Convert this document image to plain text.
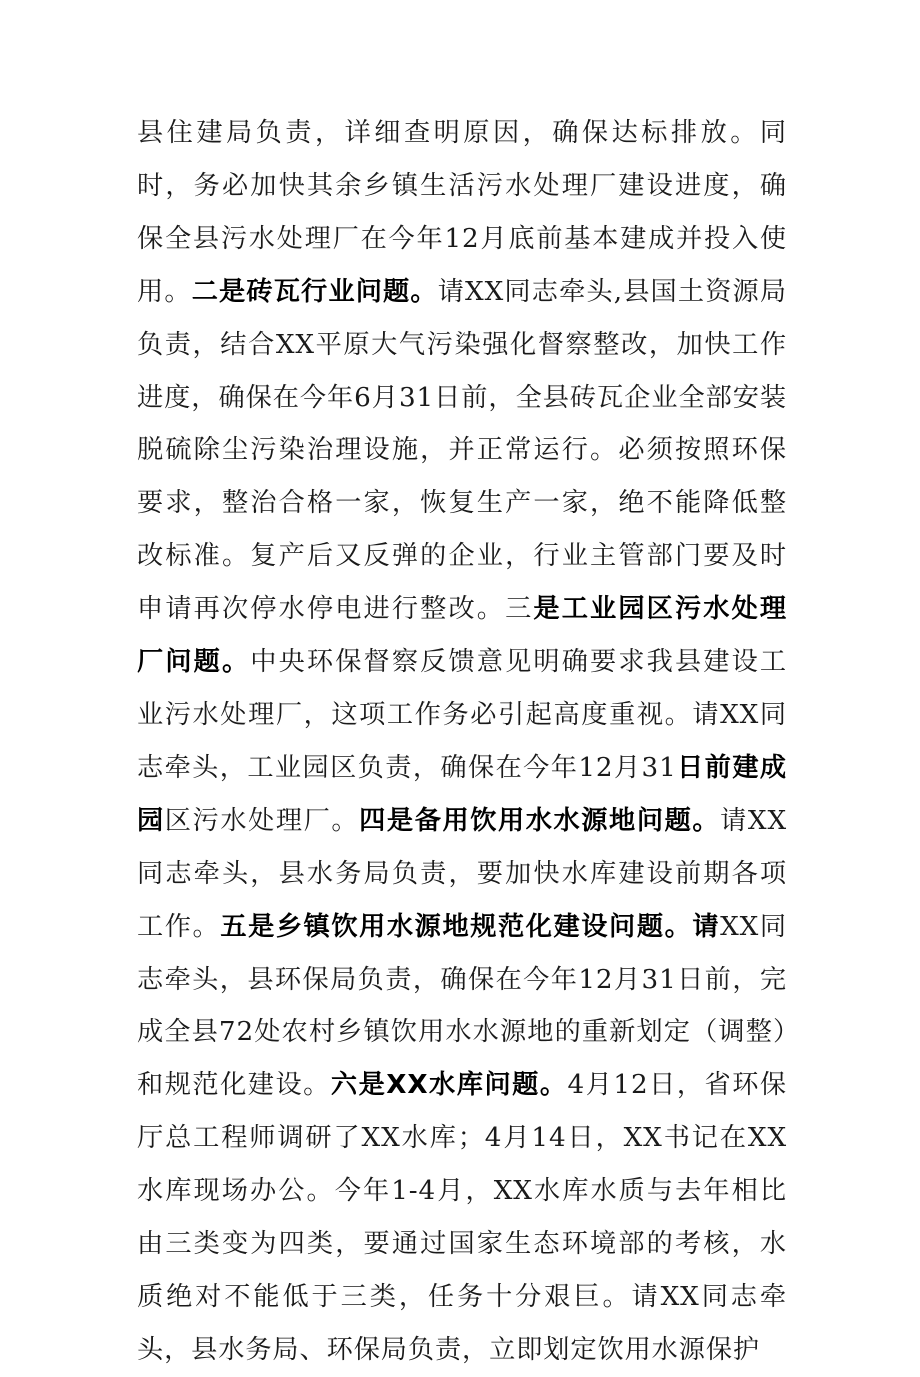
县住建局负责，详细查明原因，确保达标排放。同时，务必加快其余乡镇生活污水处理厂建设进度，确保全县污水处理厂在今年12月底前基本建成并投入使用。二是砖瓦行业问题。请XX同志牵头,县国土资源局负责，结合XX平原大气污染强化督察整改，加快工作进度，确保在今年6月31日前，全县砖瓦企业全部安装脱硫除尘污染治理设施，并正常运行。必须按照环保要求，整治合格一家，恢复生产一家，绝不能降低整改标准。复产后又反弹的企业，行业主管部门要及时申请再次停水停电进行整改。三是工业园区污水处理厂问题。中央环保督察反馈意见明确要求我县建设工业污水处理厂，这项工作务必引起高度重视。请XX同志牵头，工业园区负责，确保在今年12月31日前建成园区污水处理厂。四是备用饮用水水源地问题。请XX同志牵头，县水务局负责，要加快水库建设前期各项工作。五是乡镇饮用水源地规范化建设问题。请XX同志牵头，县环保局负责，确保在今年12月31日前，完成全县72处农村乡镇饮用水水源地的重新划定（调整）和规范化建设。六是XX水库问题。4月12日，省环保厅总工程师调研了XX水库；4月14日，XX书记在XX水库现场办公。今年1-4月，XX水库水质与去年相比由三类变为四类，要通过国家生态环境部的考核，水质绝对不能低于三类，任务十分艰巨。请XX同志牵头，县水务局、环保局负责，立即划定饮用水源保护
